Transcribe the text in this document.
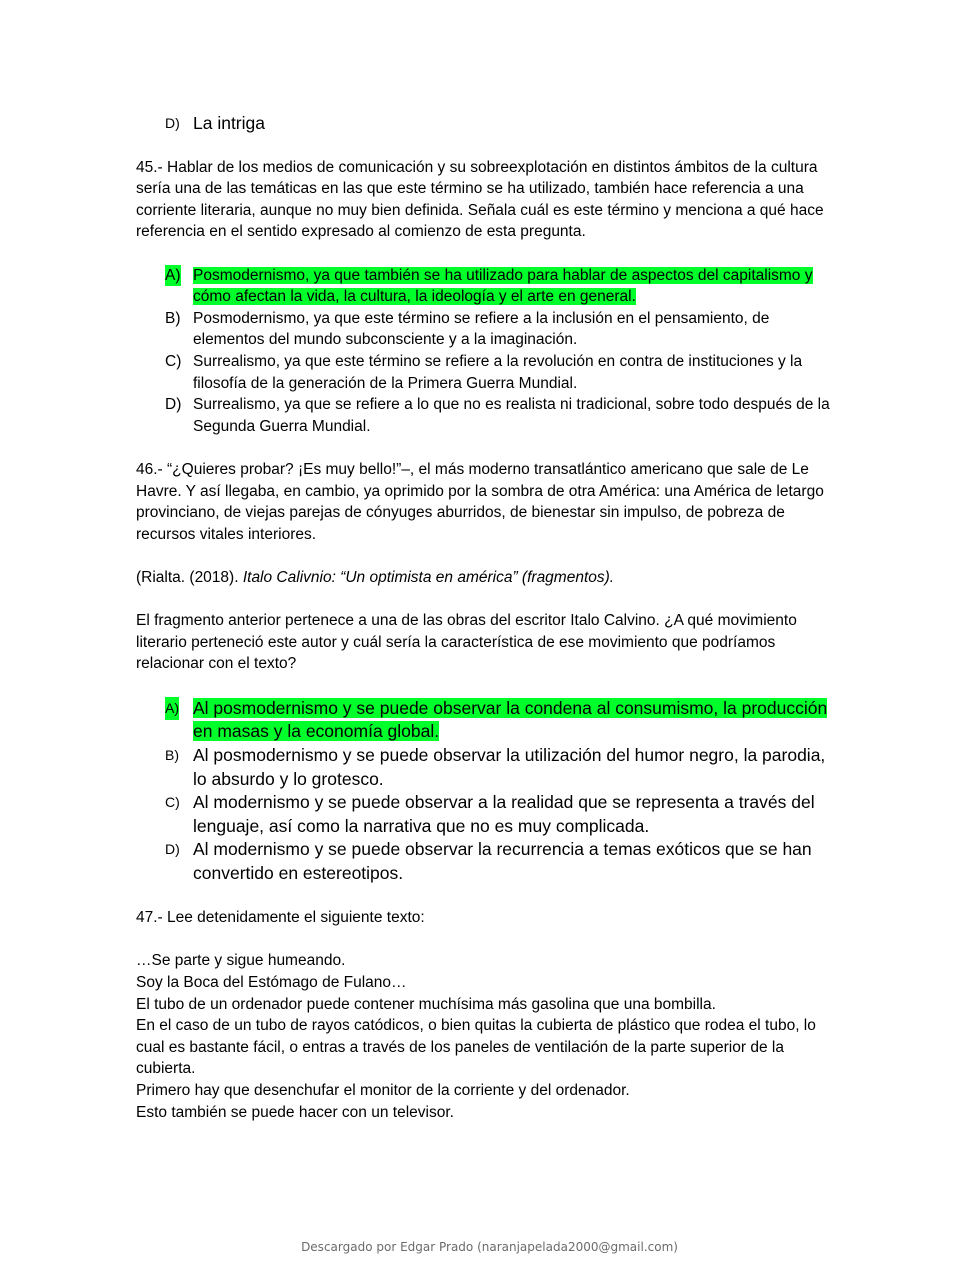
D) La intriga

45.- Hablar de los medios de comunicación y su sobreexplotación en distintos ámbitos de la cultura sería una de las temáticas en las que este término se ha utilizado, también hace referencia a una corriente literaria, aunque no muy bien definida. Señala cuál es este término y menciona a qué hace referencia en el sentido expresado al comienzo de esta pregunta.

A) Posmodernismo, ya que también se ha utilizado para hablar de aspectos del capitalismo y cómo afectan la vida, la cultura, la ideología y el arte en general.
B) Posmodernismo, ya que este término se refiere a la inclusión en el pensamiento, de elementos del mundo subconsciente y a la imaginación.
C) Surrealismo, ya que este término se refiere a la revolución en contra de instituciones y la filosofía de la generación de la Primera Guerra Mundial.
D) Surrealismo, ya que se refiere a lo que no es realista ni tradicional, sobre todo después de la Segunda Guerra Mundial.

46.- “¿Quieres probar? ¡Es muy bello!”–, el más moderno transatlántico americano que sale de Le Havre. Y así llegaba, en cambio, ya oprimido por la sombra de otra América: una América de letargo provinciano, de viejas parejas de cónyuges aburridos, de bienestar sin impulso, de pobreza de recursos vitales interiores.

(Rialta. (2018). Italo Calivnio: “Un optimista en américa” (fragmentos).

El fragmento anterior pertenece a una de las obras del escritor Italo Calvino. ¿A qué movimiento literario perteneció este autor y cuál sería la característica de ese movimiento que podríamos relacionar con el texto?

A) Al posmodernismo y se puede observar la condena al consumismo, la producción en masas y la economía global.
B) Al posmodernismo y se puede observar la utilización del humor negro, la parodia, lo absurdo y lo grotesco.
C) Al modernismo y se puede observar a la realidad que se representa a través del lenguaje, así como la narrativa que no es muy complicada.
D) Al modernismo y se puede observar la recurrencia a temas exóticos que se han convertido en estereotipos.

47.- Lee detenidamente el siguiente texto:

…Se parte y sigue humeando.

Soy la Boca del Estómago de Fulano…

El tubo de un ordenador puede contener muchísima más gasolina que una bombilla.

En el caso de un tubo de rayos catódicos, o bien quitas la cubierta de plástico que rodea el tubo, lo cual es bastante fácil, o entras a través de los paneles de ventilación de la parte superior de la cubierta.

Primero hay que desenchufar el monitor de la corriente y del ordenador.

Esto también se puede hacer con un televisor.

Descargado por Edgar Prado (naranjapelada2000@gmail.com)
